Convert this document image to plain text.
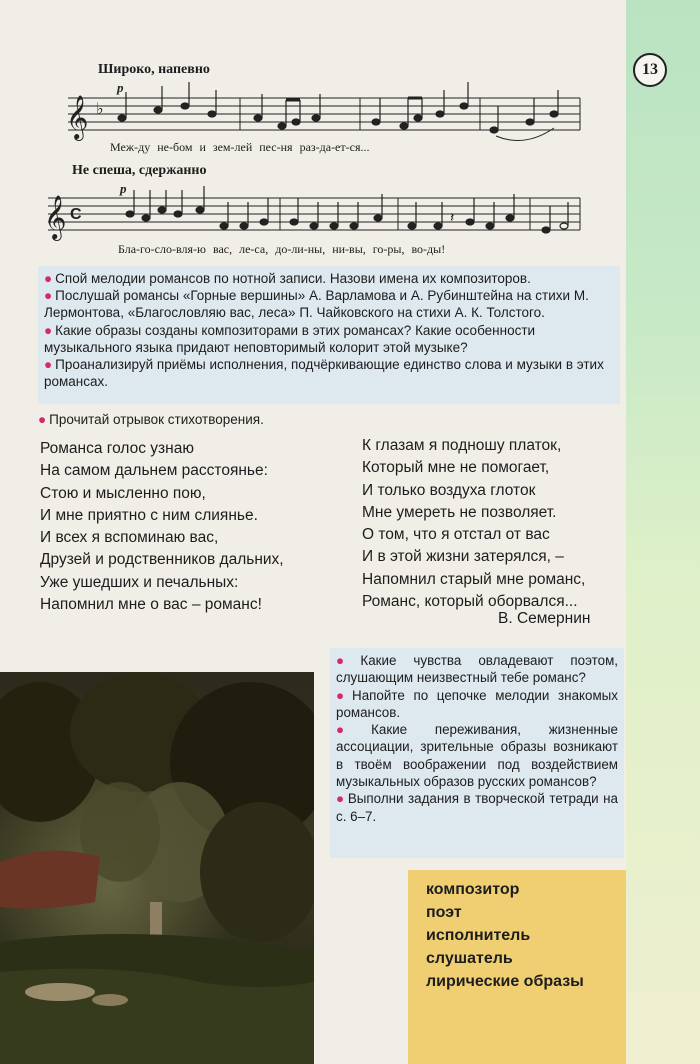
13
Широко, напевно
𝄞 ♭
p
Меж-ду не-бом и зем-лей пес-ня раз-да-ет-ся...
Не спеша, сдержанно
𝄞 C
p
𝄽
Бла-го-сло-вля-ю вас, ле-са, до-ли-ны, ни-вы, го-ры, во-ды!

● Спой мелодии романсов по нотной записи. Назови имена их композиторов.

● Послушай романсы «Горные вершины» А. Варламова и А. Рубинштейна на стихи М. Лермонтова, «Благословляю вас, леса» П. Чайковского на стихи А. К. Толстого.

● Какие образы созданы композиторами в этих романсах? Какие особенности музыкального языка придают неповторимый колорит этой музыке?

● Проанализируй приёмы исполнения, подчёркивающие единство слова и музыки в этих романсах.

● Прочитай отрывок стихотворения.
Романса голос узнаю
На самом дальнем расстоянье:
Стою и мысленно пою,
И мне приятно с ним слиянье.
И всех я вспоминаю вас,
Друзей и родственников дальних,
Уже ушедших и печальных:
Напомнил мне о вас – романс!
К глазам я подношу платок,
Который мне не помогает,
И только воздуха глоток
Мне умереть не позволяет.
О том, что я отстал от вас
И в этой жизни затерялся, –
Напомнил старый мне романс,
Романс, который оборвался...
В. Семернин

● Какие чувства овладевают поэтом, слушающим неизвестный тебе романс?

● Напойте по цепочке мелодии знакомых романсов.

● Какие переживания, жизненные ассоциации, зрительные образы возникают в твоём воображении под воздействием музыкальных образов русских романсов?

● Выполни задания в творческой тетради на с. 6–7.

композитор
поэт
исполнитель
слушатель
лирические образы
